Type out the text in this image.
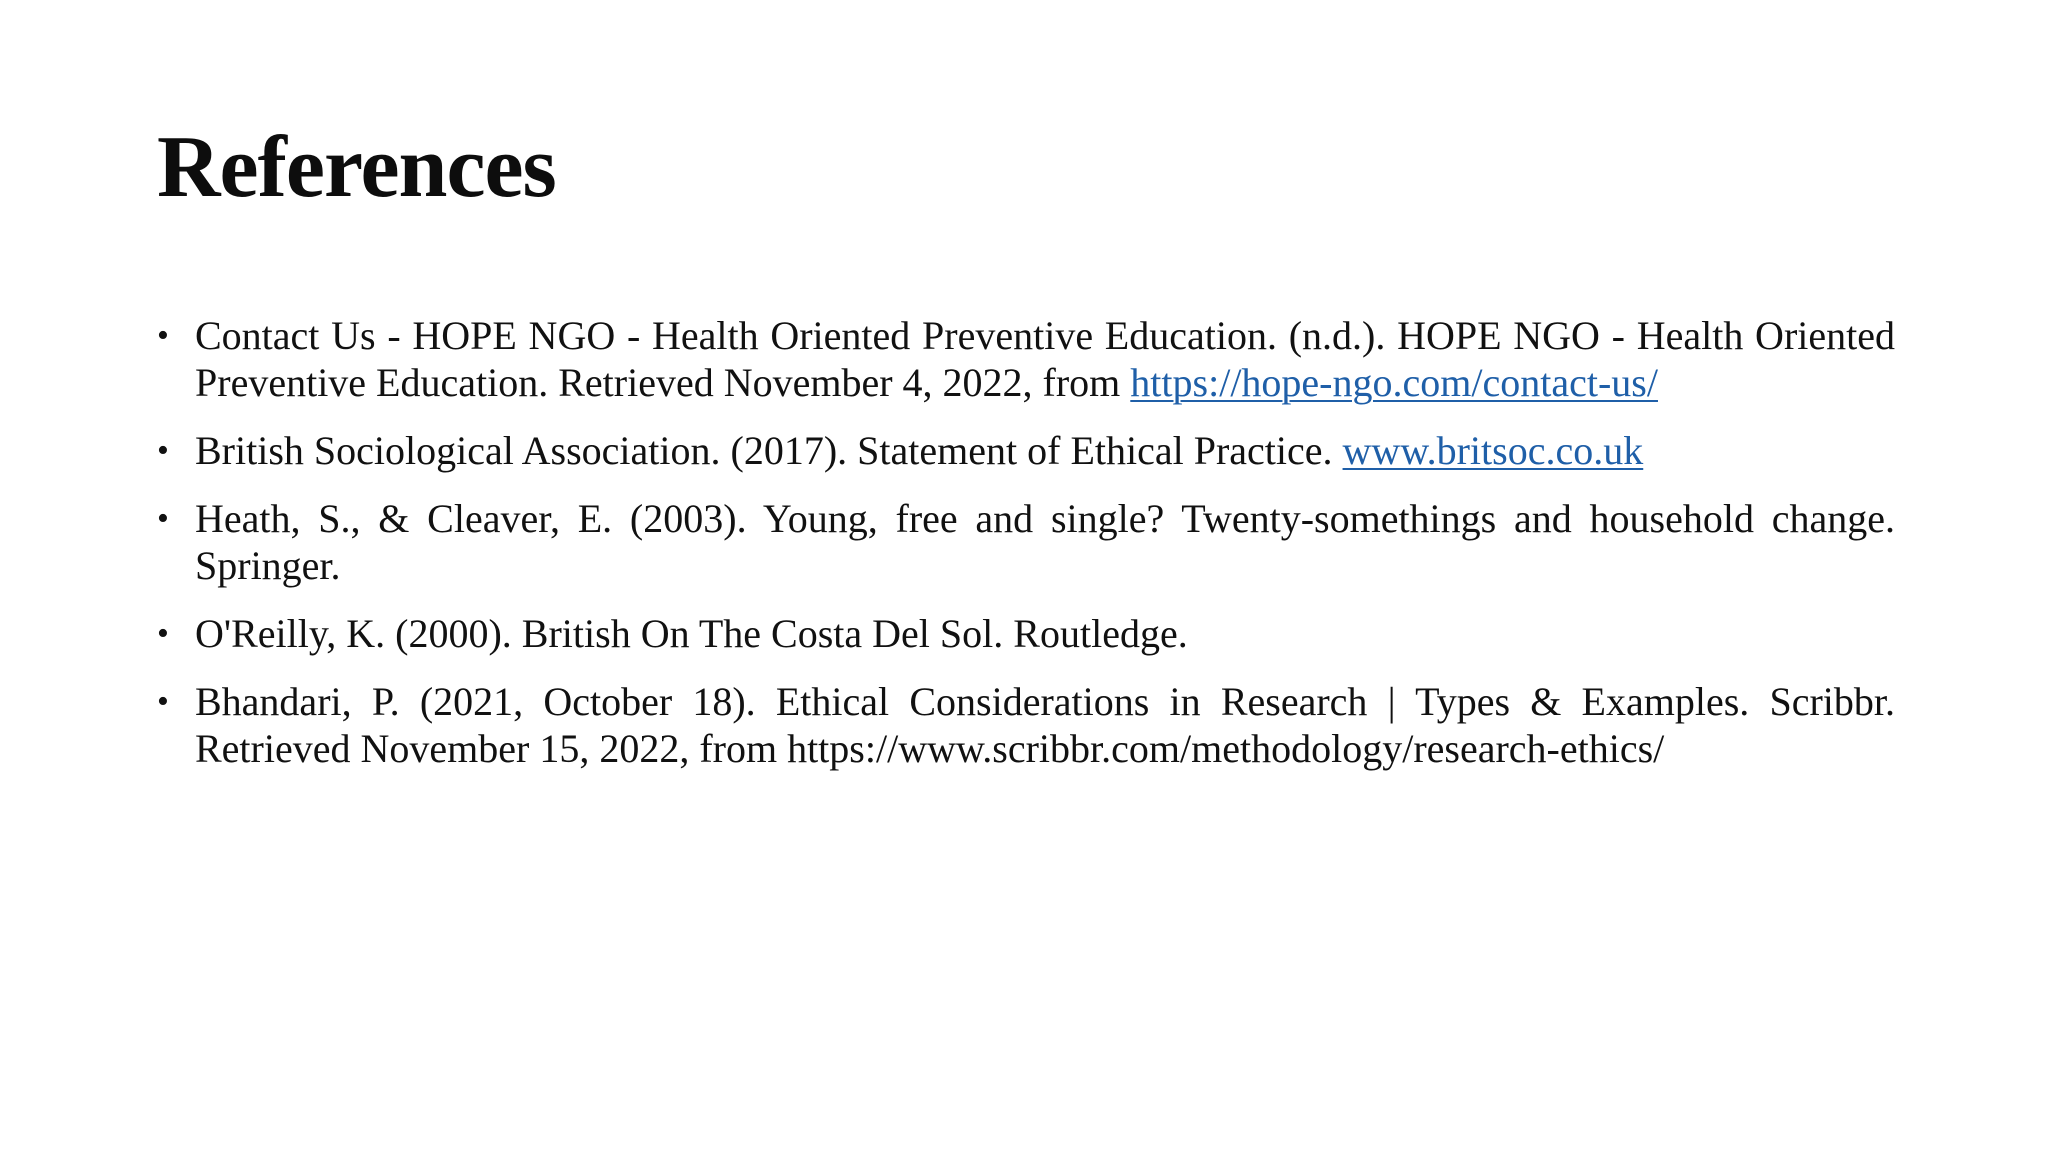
References
• Contact Us - HOPE NGO - Health Oriented Preventive Education. (n.d.). HOPE NGO - Health Oriented Preventive Education. Retrieved November 4, 2022, from https://hope-ngo.com/contact-us/
• British Sociological Association. (2017). Statement of Ethical Practice. www.britsoc.co.uk
• Heath, S., & Cleaver, E. (2003). Young, free and single? Twenty-somethings and household change. Springer.
• O'Reilly, K. (2000). British On The Costa Del Sol. Routledge.
• Bhandari, P. (2021, October 18). Ethical Considerations in Research | Types & Examples. Scribbr. Retrieved November 15, 2022, from https://www.scribbr.com/methodology/research-ethics/
